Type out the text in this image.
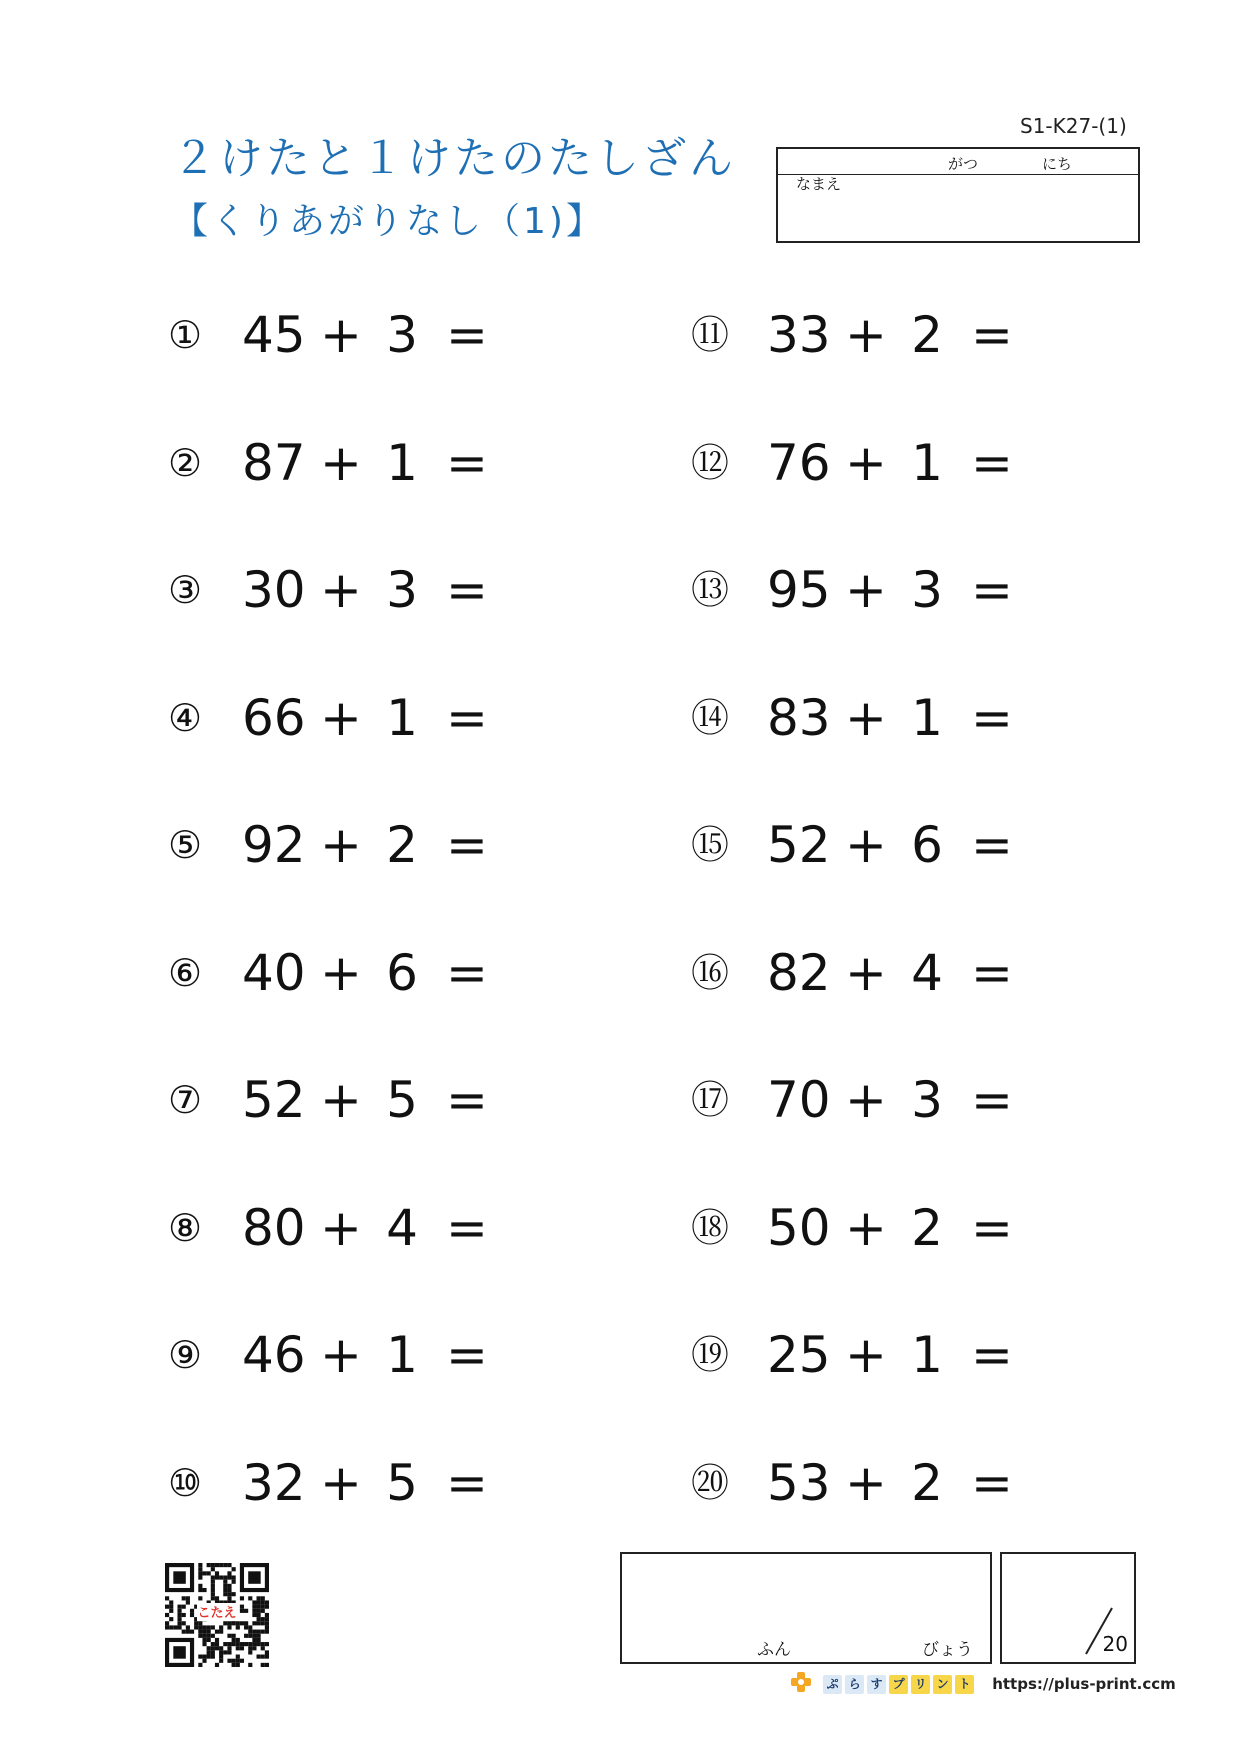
２けたと１けたのたしざん
【くりあがりなし（1)】
S1-K27-(1)
がつ	にち
なまえ
① 45 + 3 =
② 87 + 1 =
③ 30 + 3 =
④ 66 + 1 =
⑤ 92 + 2 =
⑥ 40 + 6 =
⑦ 52 + 5 =
⑧ 80 + 4 =
⑨ 46 + 1 =
⑩ 32 + 5 =
⑪ 33 + 2 =
⑫ 76 + 1 =
⑬ 95 + 3 =
⑭ 83 + 1 =
⑮ 52 + 6 =
⑯ 82 + 4 =
⑰ 70 + 3 =
⑱ 50 + 2 =
⑲ 25 + 1 =
⑳ 53 + 2 =
こたえ
ふん	びょう	20
ぷ ら す プ リ ン ト https://plus-print.ccm
